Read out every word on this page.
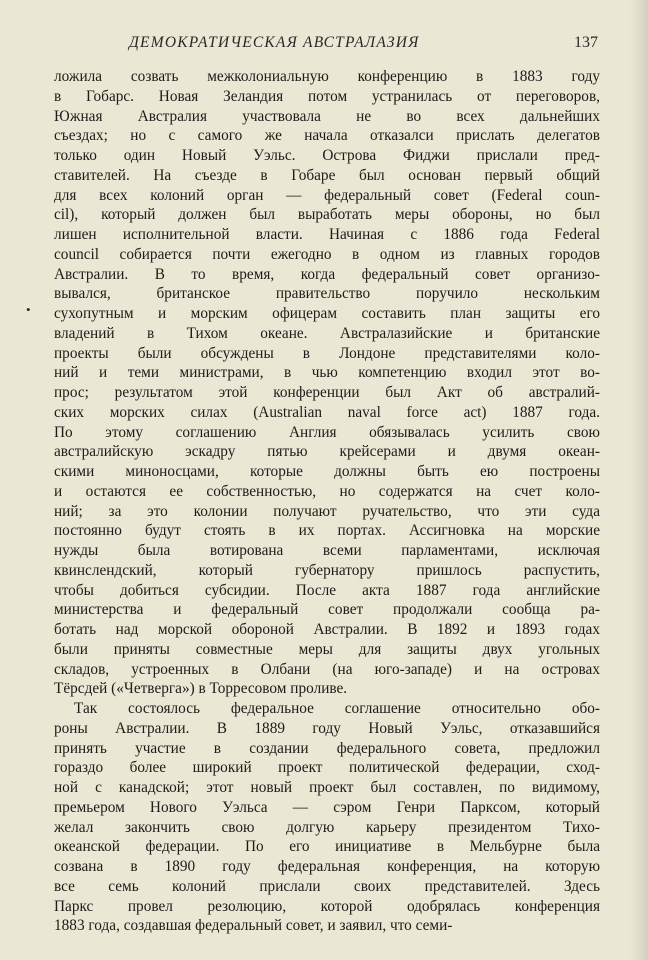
ДЕМОКРАТИЧЕСКАЯ АВСТРАЛАЗИЯ	137
•
ложила созвать межколониальную конференцию в 1883 году
в Гобарс. Новая Зеландия потом устранилась от переговоров,
Южная Австралия участвовала не во всех дальнейших
съездах; но с самого же начала отказалси прислать делегатов
только один Новый Уэльс. Острова Фиджи прислали пред-
ставителей. На съезде в Гобаре был основан первый общий
для всех колоний орган — федеральный совет (Federal coun-
cil), который должен был выработать меры обороны, но был
лишен исполнительной власти. Начиная с 1886 года Federal
council собирается почти ежегодно в одном из главных городов
Австралии. В то время, когда федеральный совет организо-
вывался, британское правительство поручило нескольким
сухопутным и морским офицерам составить план защиты его
владений в Тихом океане. Австралазийские и британские
проекты были обсуждены в Лондоне представителями коло-
ний и теми министрами, в чью компетенцию входил этот во-
прос; результатом этой конференции был Акт об австралий-
ских морских силах (Australian naval force act) 1887 года.
По этому соглашению Англия обязывалась усилить свою
австралийскую эскадру пятью крейсерами и двумя океан-
скими миноносцами, которые должны быть ею построены
и остаются ее собственностью, но содержатся на счет коло-
ний; за это колонии получают ручательство, что эти суда
постоянно будут стоять в их портах. Ассигновка на морские
нужды была вотирована всеми парламентами, исключая
квинслендский, который губернатору пришлось распустить,
чтобы добиться субсидии. После акта 1887 года английские
министерства и федеральный совет продолжали сообща ра-
ботать над морской обороной Австралии. В 1892 и 1893 годах
были приняты совместные меры для защиты двух угольных
складов, устроенных в Олбани (на юго-западе) и на островах
Тёрсдей («Четверга») в Торресовом проливе.
Так состоялось федеральное соглашение относительно обо-
роны Австралии. В 1889 году Новый Уэльс, отказавшийся
принять участие в создании федерального совета, предложил
гораздо более широкий проект политической федерации, сход-
ной с канадской; этот новый проект был составлен, по видимому,
премьером Нового Уэльса — сэром Генри Парксом, который
желал закончить свою долгую карьеру президентом Тихо-
океанской федерации. По его инициативе в Мельбурне была
созвана в 1890 году федеральная конференция, на которую
все семь колоний прислали своих представителей. Здесь
Паркс провел резолюцию, которой одобрялась конференция
1883 года, создавшая федеральный совет, и заявил, что семи-
